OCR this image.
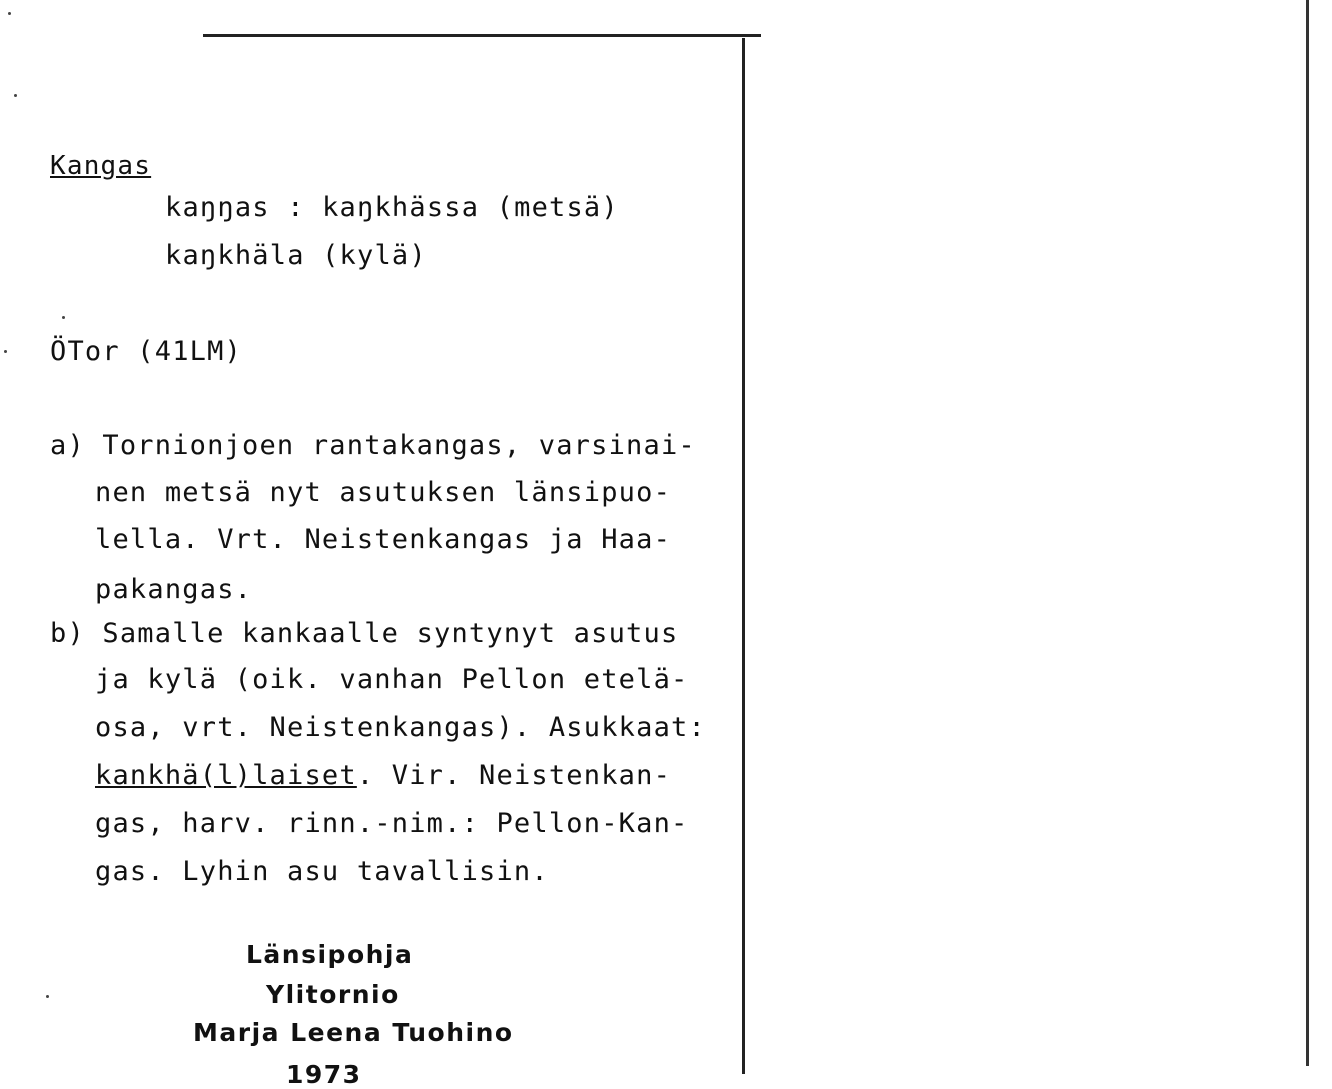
Kangas
kaŋŋas : kaŋkhässa (metsä)
kaŋkhäla (kylä)
ÖTor (41LM)
a) Tornionjoen rantakangas, varsinai-
nen metsä nyt asutuksen länsipuo-
lella. Vrt. Neistenkangas ja Haa-
pakangas.
b) Samalle kankaalle syntynyt asutus
ja kylä (oik. vanhan Pellon etelä-
osa, vrt. Neistenkangas). Asukkaat:
kankhä(l)laiset. Vir. Neistenkan-
gas, harv. rinn.-nim.: Pellon-Kan-
gas. Lyhin asu tavallisin.
Länsipohja
Ylitornio
Marja Leena Tuohino
1973
